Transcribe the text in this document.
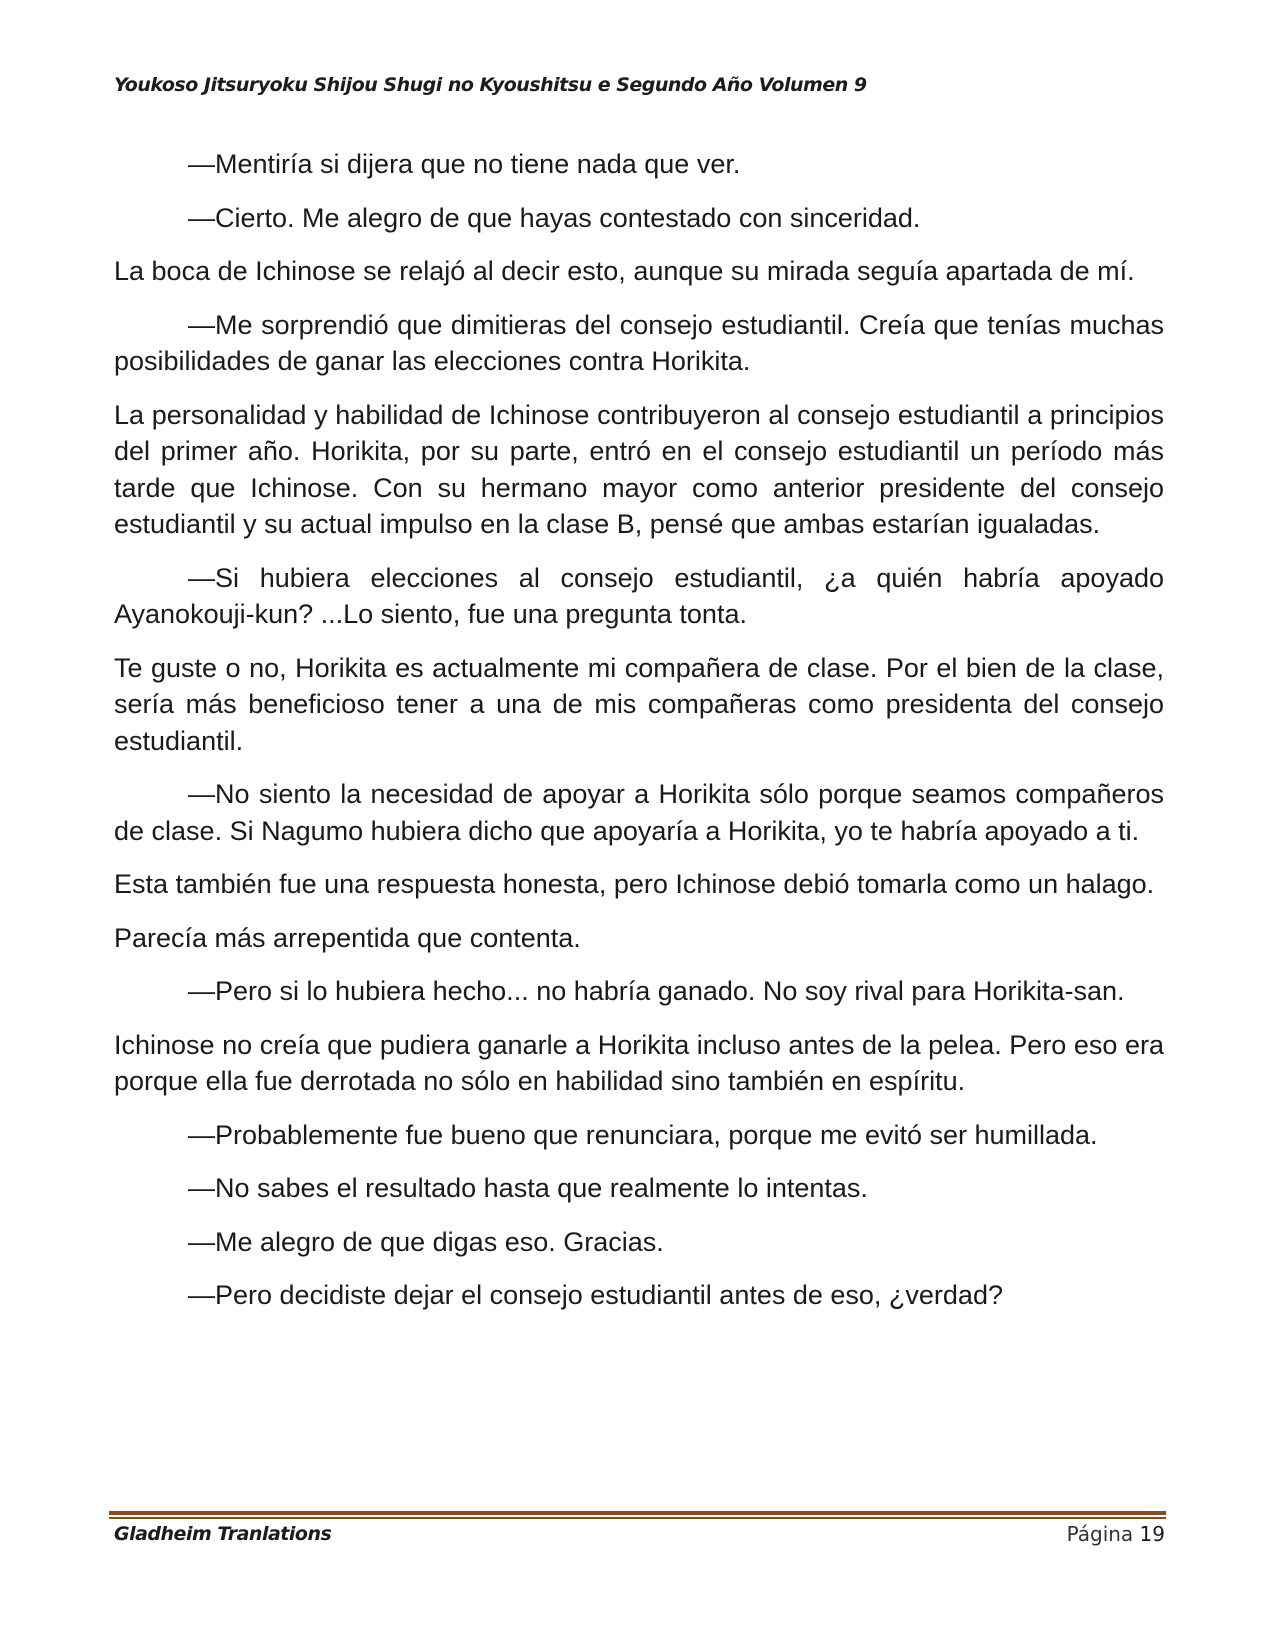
Youkoso Jitsuryoku Shijou Shugi no Kyoushitsu e Segundo Año Volumen 9

—Mentiría si dijera que no tiene nada que ver.

—Cierto. Me alegro de que hayas contestado con sinceridad.

La boca de Ichinose se relajó al decir esto, aunque su mirada seguía apartada de mí.

—Me sorprendió que dimitieras del consejo estudiantil. Creía que tenías muchas posibilidades de ganar las elecciones contra Horikita.

La personalidad y habilidad de Ichinose contribuyeron al consejo estudiantil a principios del primer año. Horikita, por su parte, entró en el consejo estudiantil un período más tarde que Ichinose. Con su hermano mayor como anterior presidente del consejo estudiantil y su actual impulso en la clase B, pensé que ambas estarían igualadas.

—Si hubiera elecciones al consejo estudiantil, ¿a quién habría apoyado Ayanokouji-kun? ...Lo siento, fue una pregunta tonta.

Te guste o no, Horikita es actualmente mi compañera de clase. Por el bien de la clase, sería más beneficioso tener a una de mis compañeras como presidenta del consejo estudiantil.

—No siento la necesidad de apoyar a Horikita sólo porque seamos compañeros de clase. Si Nagumo hubiera dicho que apoyaría a Horikita, yo te habría apoyado a ti.

Esta también fue una respuesta honesta, pero Ichinose debió tomarla como un halago.

Parecía más arrepentida que contenta.

—Pero si lo hubiera hecho... no habría ganado. No soy rival para Horikita-san.

Ichinose no creía que pudiera ganarle a Horikita incluso antes de la pelea. Pero eso era porque ella fue derrotada no sólo en habilidad sino también en espíritu.

—Probablemente fue bueno que renunciara, porque me evitó ser humillada.

—No sabes el resultado hasta que realmente lo intentas.

—Me alegro de que digas eso. Gracias.

—Pero decidiste dejar el consejo estudiantil antes de eso, ¿verdad?

Gladheim Tranlations	Página 19
